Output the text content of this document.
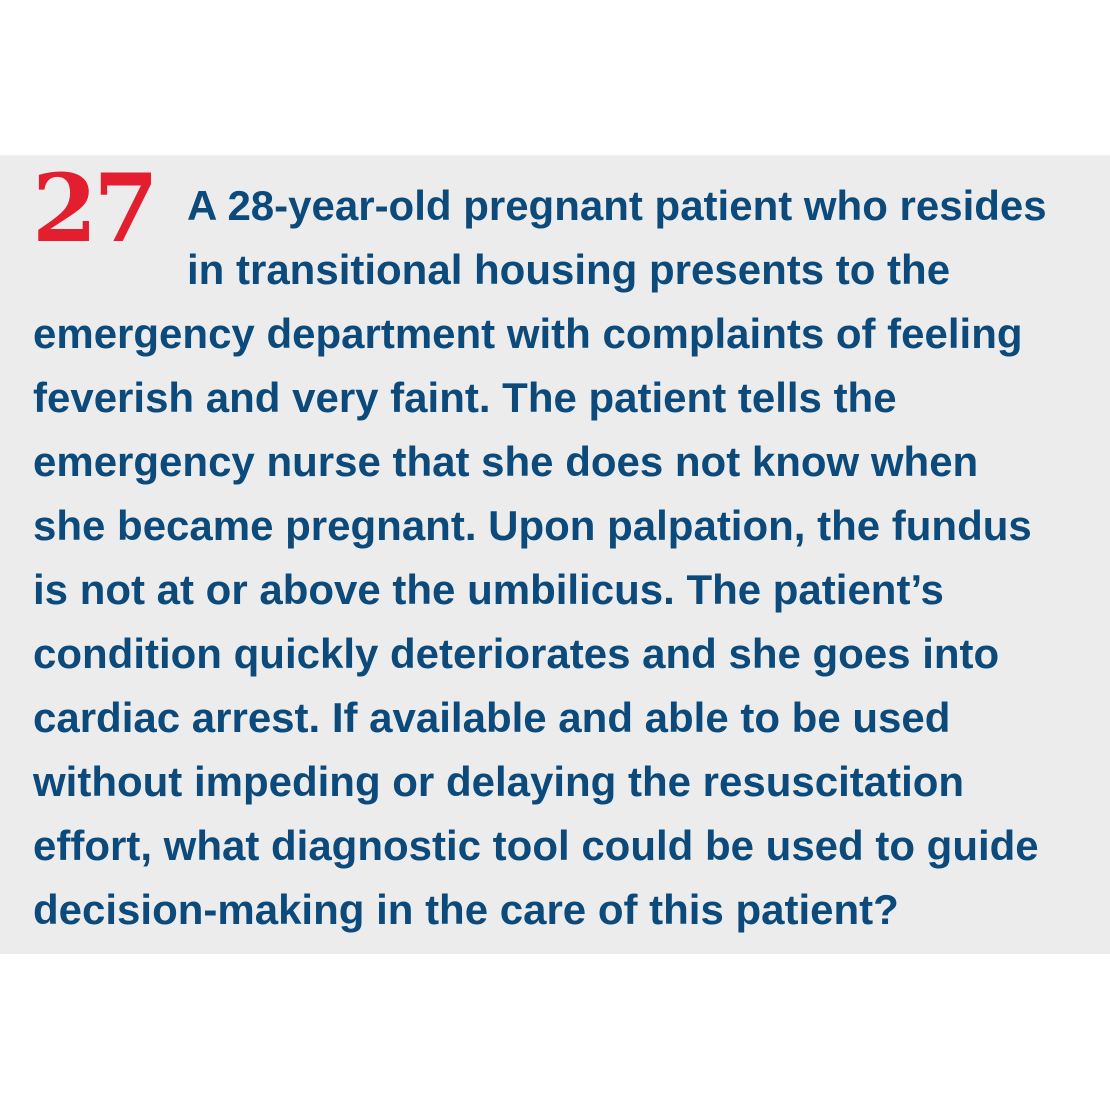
27 A 28-year-old pregnant patient who resides

in transitional housing presents to the

emergency department with complaints of feeling

feverish and very faint. The patient tells the

emergency nurse that she does not know when

she became pregnant. Upon palpation, the fundus

is not at or above the umbilicus. The patient’s

condition quickly deteriorates and she goes into

cardiac arrest. If available and able to be used

without impeding or delaying the resuscitation

effort, what diagnostic tool could be used to guide

decision-making in the care of this patient?
